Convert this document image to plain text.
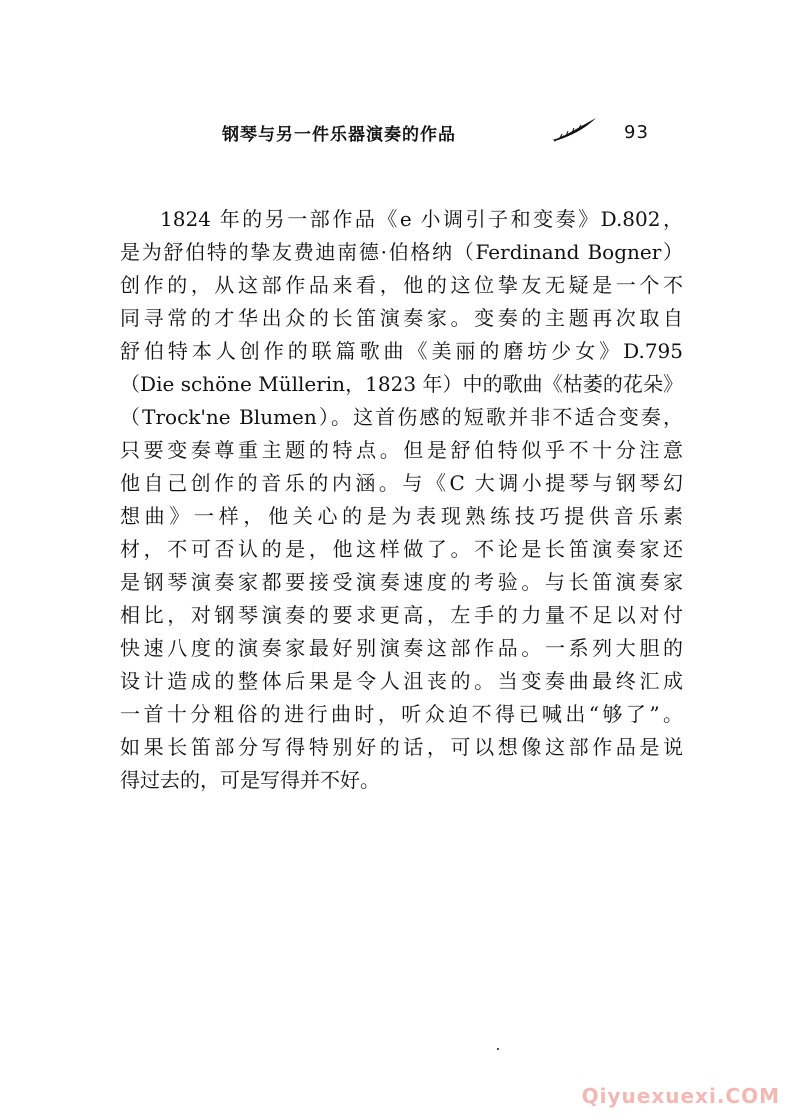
钢琴与另一件乐器演奏的作品	93
1824 年的另一部作品《e 小调引子和变奏》D.802，
是为舒伯特的挚友费迪南德·伯格纳（Ferdinand Bogner）
创作的，从这部作品来看，他的这位挚友无疑是一个不
同寻常的才华出众的长笛演奏家。变奏的主题再次取自
舒伯特本人创作的联篇歌曲《美丽的磨坊少女》D.795
（Die schöne Müllerin，1823 年）中的歌曲《枯萎的花朵》
（Trock'ne Blumen）。这首伤感的短歌并非不适合变奏，
只要变奏尊重主题的特点。但是舒伯特似乎不十分注意
他自己创作的音乐的内涵。与《C 大调小提琴与钢琴幻
想曲》一样，他关心的是为表现熟练技巧提供音乐素
材，不可否认的是，他这样做了。不论是长笛演奏家还
是钢琴演奏家都要接受演奏速度的考验。与长笛演奏家
相比，对钢琴演奏的要求更高，左手的力量不足以对付
快速八度的演奏家最好别演奏这部作品。一系列大胆的
设计造成的整体后果是令人沮丧的。当变奏曲最终汇成
一首十分粗俗的进行曲时，听众迫不得已喊出“够了”。
如果长笛部分写得特别好的话，可以想像这部作品是说
得过去的，可是写得并不好。
Qiyuexuexi.COM
